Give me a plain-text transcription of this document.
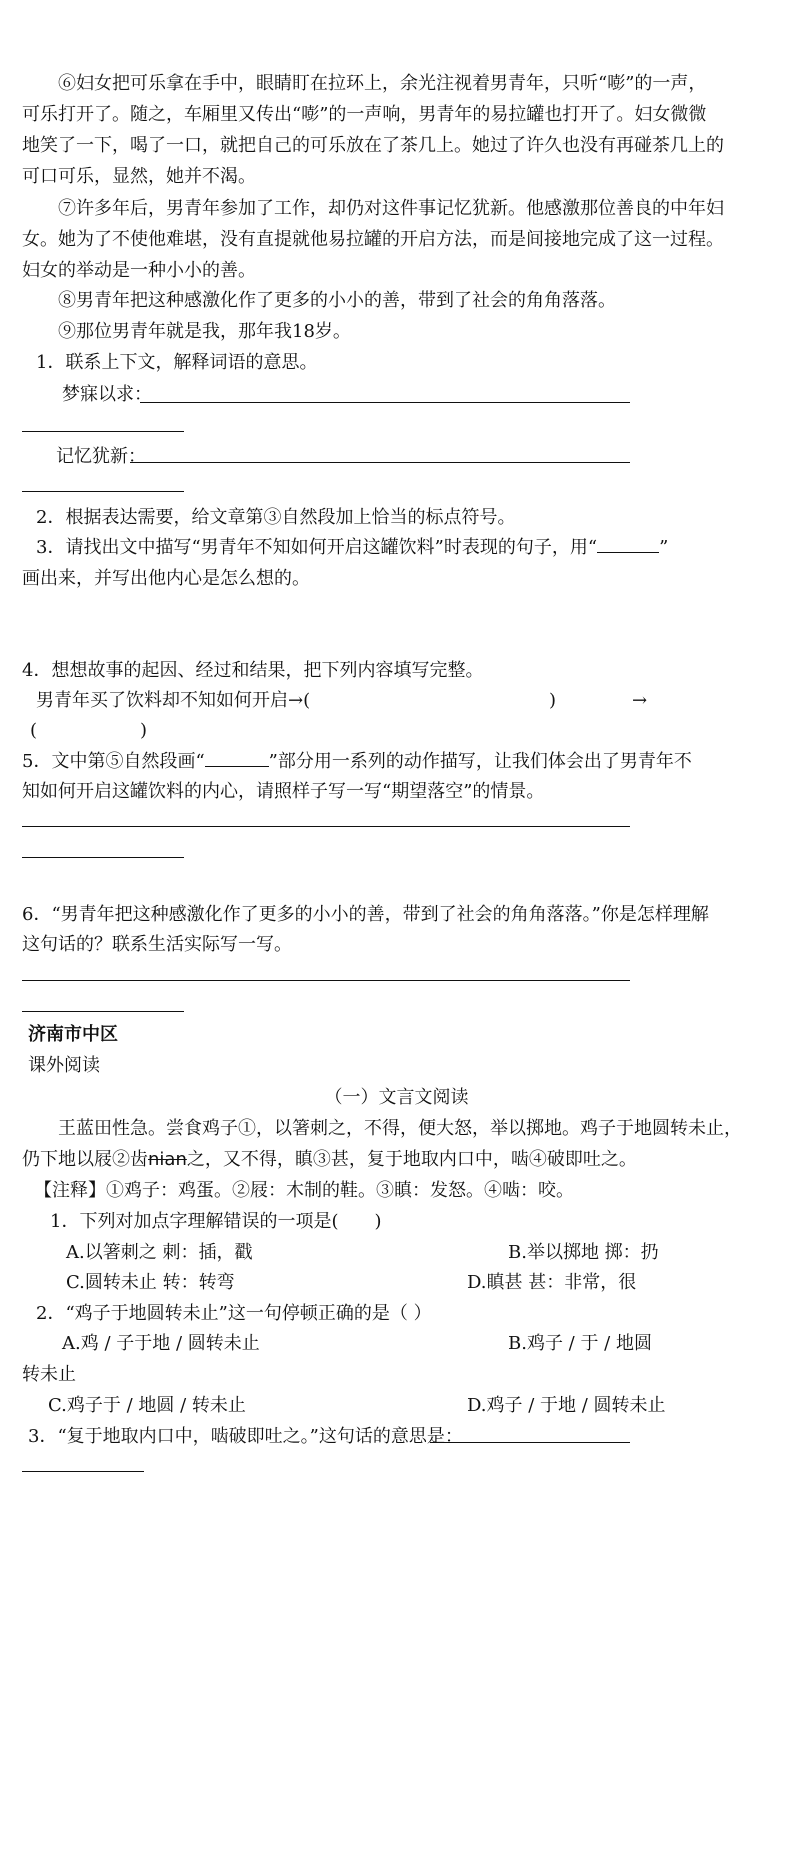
⑥妇女把可乐拿在手中，眼睛盯在拉环上，余光注视着男青年，只听“嘭”的一声，
可乐打开了。随之，车厢里又传出“嘭”的一声响，男青年的易拉罐也打开了。妇女微微
地笑了一下，喝了一口，就把自己的可乐放在了茶几上。她过了许久也没有再碰茶几上的
可口可乐，显然，她并不渴。
⑦许多年后，男青年参加了工作，却仍对这件事记忆犹新。他感激那位善良的中年妇
女。她为了不使他难堪，没有直提就他易拉罐的开启方法，而是间接地完成了这一过程。
妇女的举动是一种小小的善。
⑧男青年把这种感激化作了更多的小小的善，带到了社会的角角落落。
⑨那位男青年就是我，那年我18岁。
1．联系上下文，解释词语的意思。
梦寐以求：
记忆犹新：
2．根据表达需要，给文章第③自然段加上恰当的标点符号。
3．请找出文中描写“男青年不知如何开启这罐饮料”时表现的句子，用“	”
画出来，并写出他内心是怎么想的。
4．想想故事的起因、经过和结果，把下列内容填写完整。
男青年买了饮料却不知如何开启→(	)	→
(	)
5．文中第⑤自然段画“	”部分用一系列的动作描写，让我们体会出了男青年不
知如何开启这罐饮料的内心，请照样子写一写“期望落空”的情景。
6．“男青年把这种感激化作了更多的小小的善，带到了社会的角角落落。”你是怎样理解
这句话的？联系生活实际写一写。
济南市中区
课外阅读
（一）文言文阅读
王蓝田性急。尝食鸡子①，以箸刺之，不得，便大怒，举以掷地。鸡子于地圆转未止，
仍下地以屐②齿nian之，又不得，瞋③甚，复于地取内口中，啮④破即吐之。
【注释】①鸡子：鸡蛋。②屐：木制的鞋。③瞋：发怒。④啮：咬。
1．下列对加点字理解错误的一项是(　　)
A.以箸刺之 刺：插，戳	B.举以掷地 掷：扔
C.圆转未止 转：转弯	D.瞋甚 甚：非常，很
2．“鸡子于地圆转未止”这一句停顿正确的是（ ）
A.鸡 / 子于地 / 圆转未止	B.鸡子 / 于 / 地圆
转未止
C.鸡子于 / 地圆 / 转未止	D.鸡子 / 于地 / 圆转未止
3．“复于地取内口中，啮破即吐之。”这句话的意思是：
